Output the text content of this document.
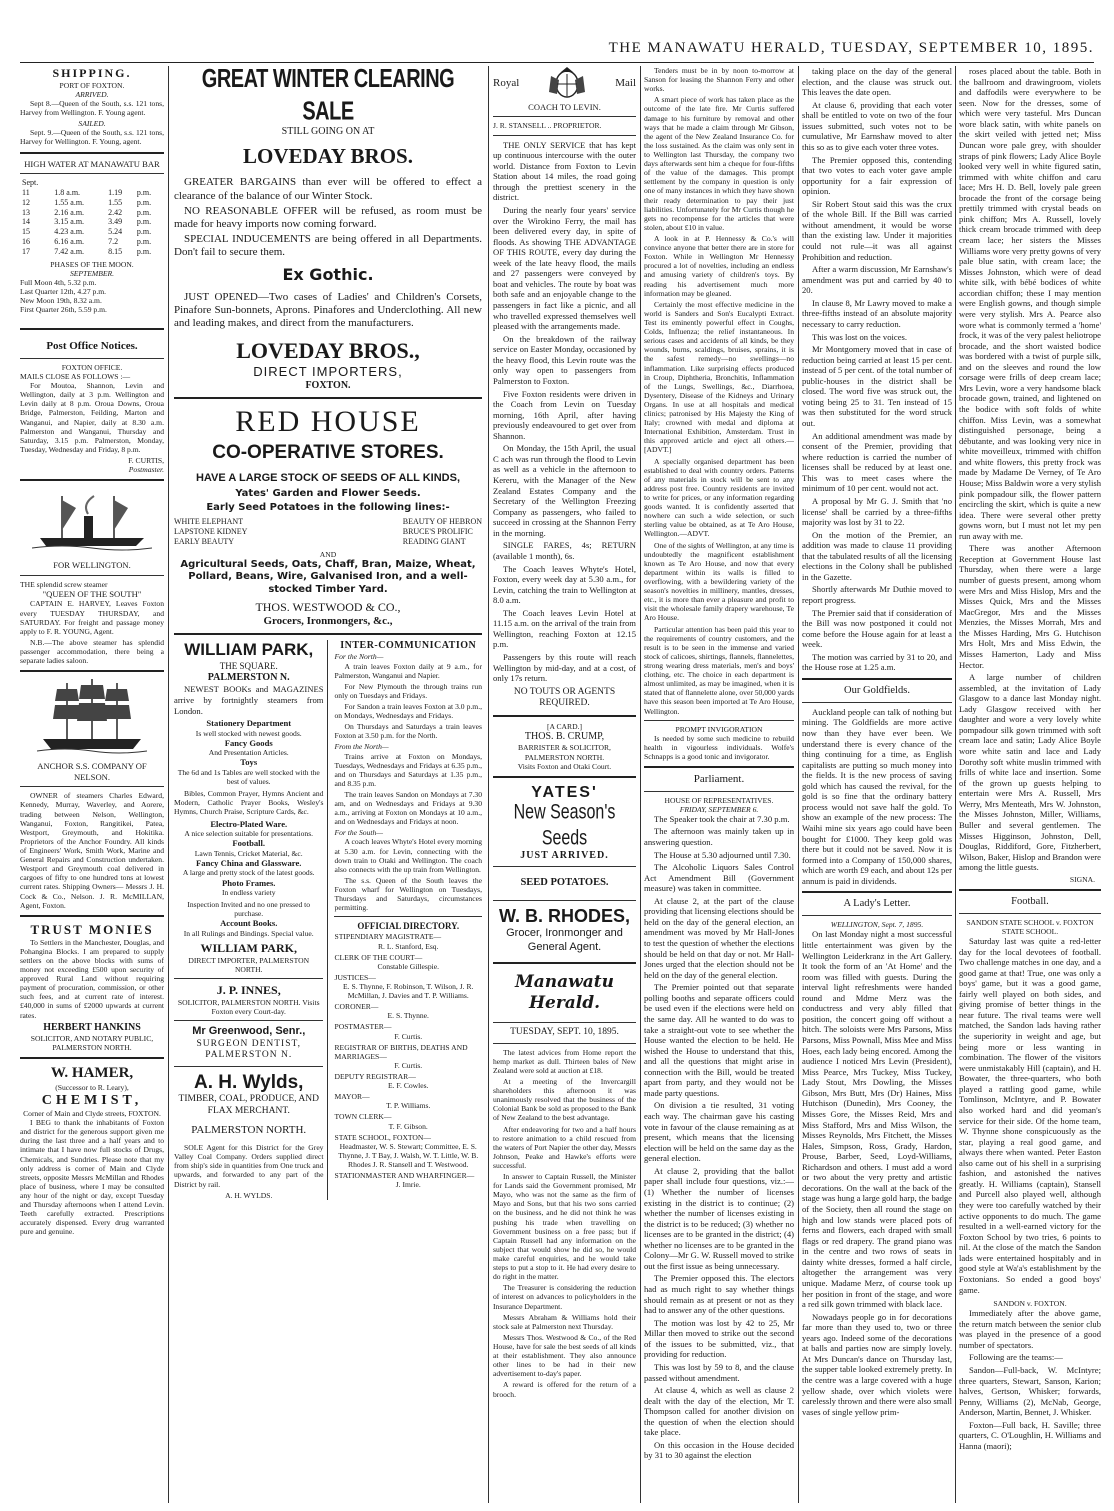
THE MANAWATU HERALD, TUESDAY, SEPTEMBER 10, 1895.
SHIPPING.
PORT OF FOXTON.
ARRIVED.
Sept 8.—Queen of the South, s.s. 121 tons, Harvey from Wellington. F. Young agent.
SAILED.
Sept. 9.—Queen of the South, s.s. 121 tons, Harvey for Wellington. F. Young, agent.
HIGH WATER AT MANAWATU BAR
Sept.			
11	1.8 a.m.	1.19	p.m.
12	1.55 a.m.	1.55	p.m.
13	2.16 a.m.	2.42	p.m.
14	3.15 a.m.	3.49	p.m.
15	4.23 a.m.	5.24	p.m.
16	6.16 a.m.	7.2	p.m.
17	7.42 a.m.	8.15	p.m.
PHASES OF THE MOON.
SEPTEMBER.
Full Moon 4th, 5.32 p.m.
Last Quarter 12th, 4.27 p.m.
New Moon 19th, 8.32 a.m.
First Quarter 26th, 5.59 p.m.
Post Office Notices.
FOXTON OFFICE.
MAILS CLOSE AS FOLLOWS :—
For Moutoa, Shannon, Levin and Wellington, daily at 3 p.m. Wellington and Levin daily at 8 p.m. Oroua Downs, Oroua Bridge, Palmerston, Feilding, Marton and Wanganui, and Napier, daily at 8.30 a.m. Palmerston and Wanganui, Thursday and Saturday, 3.15 p.m. Palmerston, Monday, Tuesday, Wednesday and Friday, 8 p.m.
F. CURTIS,
Postmaster.
FOR WELLINGTON.
THE splendid screw steamer
"QUEEN OF THE SOUTH"
CAPTAIN E. HARVEY, Leaves Foxton every TUESDAY THURSDAY, and SATURDAY. For freight and passage money apply to F. R. YOUNG, Agent.
N.B.—The above steamer has splendid passenger accommodation, there being a separate ladies saloon.
ANCHOR S.S. COMPANY OF NELSON.
OWNER of steamers Charles Edward, Kennedy, Murray, Waverley, and Aorere, trading between Nelson, Wellington, Wanganui, Foxton, Rangitikei, Patea, Westport, Greymouth, and Hokitika. Proprietors of the Anchor Foundry. All kinds of Engineers' Work, Smith Work, Marine and General Repairs and Construction undertaken. Westport and Greymouth coal delivered in cargoes of fifty to one hundred tons at lowest current rates. Shipping Owners— Messrs J. H. Cock & Co., Nelson. J. R. McMILLAN, Agent, Foxton.
TRUST MONIES
To Settlers in the Manchester, Douglas, and Pohangina Blocks. I am prepared to supply settlers on the above blocks with sums of money not exceeding £500 upon security of approved Rural Land without requiring payment of procuration, commission, or other such fees, and at current rate of interest. £40,000 in sums of £2000 upwards at current rates.
HERBERT HANKINS
SOLICITOR, AND NOTARY PUBLIC, PALMERSTON NORTH.
W. HAMER,
(Successor to R. Leary),
CHEMIST,
Corner of Main and Clyde streets, FOXTON.
I BEG to thank the inhabitants of Foxton and district for the generous support given me during the last three and a half years and to intimate that I have now full stocks of Drugs, Chemicals, and Sundries. Please note that my only address is corner of Main and Clyde streets, opposite Messrs McMillan and Rhodes place of business, where I may be consulted any hour of the night or day, except Tuesday and Thursday afternoons when I attend Levin. Teeth carefully extracted. Prescriptions accurately dispensed. Every drug warranted pure and genuine.
GREAT WINTER CLEARING SALE
STILL GOING ON AT
LOVEDAY BROS.
GREATER BARGAINS than ever will be offered to effect a clearance of the balance of our Winter Stock.
NO REASONABLE OFFER will be refused, as room must be made for heavy imports now coming forward.
SPECIAL INDUCEMENTS are being offered in all Departments. Don't fail to secure them.
Ex Gothic.
JUST OPENED—Two cases of Ladies' and Children's Corsets, Pinafore Sun-bonnets, Aprons. Pinafores and Underclothing. All new and leading makes, and direct from the manufacturers.
LOVEDAY BROS.,
DIRECT IMPORTERS,
FOXTON.
RED HOUSE
CO-OPERATIVE STORES.
HAVE A LARGE STOCK OF SEEDS OF ALL KINDS,
Yates' Garden and Flower Seeds.
Early Seed Potatoes in the following lines:-
WHITE ELEPHANT
LAPSTONE KIDNEY
EARLY BEAUTY
BEAUTY OF HEBRON
BRUCE'S PROLIFIC
READING GIANT
AND
Agricultural Seeds, Oats, Chaff, Bran, Maize, Wheat, Pollard, Beans, Wire, Galvanised Iron, and a well-stocked Timber Yard.
THOS. WESTWOOD & CO.,
Grocers, Ironmongers, &c.,
WILLIAM PARK,
THE SQUARE.
PALMERSTON N.
NEWEST BOOKs and MAGAZINES arrive by fortnightly steamers from London.
Stationery Department
Is well stocked with newest goods.
Fancy Goods
And Presentation Articles.
Toys
The 6d and 1s Tables are well stocked with the best of values.
Bibles, Common Prayer, Hymns Ancient and Modern, Catholic Prayer Books, Wesley's Hymns, Church Praise, Scripture Cards, &c.
Electro-Plated Ware.
A nice selection suitable for presentations.
Football.
Lawn Tennis, Cricket Material, &c.
Fancy China and Glassware.
A large and pretty stock of the latest goods.
Photo Frames.
In endless variety
Inspection Invited and no one pressed to purchase.
Account Books.
In all Rulings and Bindings. Special value.
WILLIAM PARK,
DIRECT IMPORTER, PALMERSTON NORTH.
J. P. INNES,
SOLICITOR, PALMERSTON NORTH. Visits Foxton every Court-day.
Mr Greenwood, Senr.,
SURGEON DENTIST, PALMERSTON N.
A. H. Wylds,
TIMBER, COAL, PRODUCE, AND FLAX MERCHANT.
PALMERSTON NORTH.
SOLE Agent for this District for the Grey Valley Coal Company. Orders supplied direct from ship's side in quantities from One truck and upwards, and forwarded to any part of the District by rail.
A. H. WYLDS.
INTER-COMMUNICATION
For the North—
A train leaves Foxton daily at 9 a.m., for Palmerston, Wanganui and Napier.
For New Plymouth the through trains run only on Tuesdays and Fridays.
For Sandon a train leaves Foxton at 3.0 p.m., on Mondays, Wednesdays and Fridays.
On Thursdays and Saturdays a train leaves Foxton at 3.50 p.m. for the North.
From the North—
Trains arrive at Foxton on Mondays, Tuesdays, Wednesdays and Fridays at 6.35 p.m., and on Thursdays and Saturdays at 1.35 p.m., and 8.35 p.m.
The train leaves Sandon on Mondays at 7.30 am, and on Wednesdays and Fridays at 9.30 a.m., arriving at Foxton on Mondays at 10 a.m., and on Wednesdays and Fridays at noon.
For the South—
A coach leaves Whyte's Hotel every morning at 5.30 a.m. for Levin, connecting with the down train to Otaki and Wellington. The coach also connects with the up train from Wellington.
The s.s. Queen of the South leaves the Foxton wharf for Wellington on Tuesdays, Thursdays and Saturdays, circumstances permitting.
OFFICIAL DIRECTORY.
STIPENDIARY MAGISTRATE—
R. L. Stanford, Esq.
CLERK OF THE COURT—
Constable Gillespie.
JUSTICES—
E. S. Thynne, F. Robinson, T. Wilson, J. R. McMillan, J. Davies and T. P. Williams.
CORONER—
E. S. Thynne.
POSTMASTER—
F. Curtis.
REGISTRAR OF BIRTHS, DEATHS AND MARRIAGES—
F. Curtis.
DEPUTY REGISTRAR—
E. F. Cowles.
MAYOR—
T. P. Williams.
TOWN CLERK—
T. F. Gibson.
STATE SCHOOL, FOXTON—
Headmaster, W. S. Stewart; Committee, E. S. Thynne, J. T Bay, J. Walsh, W. T. Little, W. B. Rhodes J. R. Stansell and T. Westwood.
STATIONMASTER AND WHARFINGER—
J. Imrie.
Royal	Mail
COACH TO LEVIN.
J. R. STANSELL .. PROPRIETOR.
THE ONLY SERVICE that has kept up continuous intercourse with the outer world. Distance from Foxton to Levin Station about 14 miles, the road going through the prettiest scenery in the district.
During the nearly four years' service over the Wirokino Ferry, the mail has been delivered every day, in spite of floods. As showing THE ADVANTAGE OF THIS ROUTE, every day during the week of the late heavy flood, the mails and 27 passengers were conveyed by boat and vehicles. The route by boat was both safe and an enjoyable change to the passengers in fact like a picnic, and all who travelled expressed themselves well pleased with the arrangements made.
On the breakdown of the railway service on Easter Monday, occasioned by the heavy flood, this Levin route was the only way open to passengers from Palmerston to Foxton.
Five Foxton residents were driven in the Coach from Levin on Tuesday morning, 16th April, after having previously endeavoured to get over from Shannon.
On Monday, the 15th April, the usual C ach was run through the flood to Levin as well as a vehicle in the afternoon to Kereru, with the Manager of the New Zealand Estates Company and the Secretary of the Wellington Freezing Company as passengers, who failed to succeed in crossing at the Shannon Ferry in the morning.
SINGLE FARES, 4s; RETURN (available 1 month), 6s.
The Coach leaves Whyte's Hotel, Foxton, every week day at 5.30 a.m., for Levin, catching the train to Wellington at 8.0 a.m.
The Coach leaves Levin Hotel at 11.15 a.m. on the arrival of the train from Wellington, reaching Foxton at 12.15 p.m.
Passengers by this route will reach Wellington by mid-day, and at a cost, of only 17s return.
NO TOUTS OR AGENTS REQUIRED.
[A CARD.]
THOS. B. CRUMP,
BARRISTER & SOLICITOR,
PALMERSTON NORTH.
Visits Foxton and Otaki Court.
YATES'
New Season's Seeds
JUST ARRIVED.
SEED POTATOES.
W. B. RHODES,
Grocer, Ironmonger and General Agent.
Manawatu Herald.
TUESDAY, SEPT. 10, 1895.
The latest advices from Home report the hemp market as dull. Thirteen bales of New Zealand were sold at auction at £18.
At a meeting of the Invercargill shareholders this afternoon it was unanimously resolved that the business of the Colonial Bank be sold as proposed to the Bank of New Zealand to the best advantage.
After endeavoring for two and a half hours to restore animation to a child rescued from the waters of Port Napier the other day, Messrs Johnson, Peake and Hawke's efforts were successful.
In answer to Captain Russell, the Minister for Lands said the Government promised, Mr Mayo, who was not the same as the firm of Mayo and Sons, but that his two sons carried on the business, and he did not think he was pushing his trade when travelling on Government business on a free pass; but if Captain Russell had any information on the subject that would show he did so, he would make careful enquiries, and he would take steps to put a stop to it. He had every desire to do right in the matter.
The Treasurer is considering the reduction of interest on advances to policyholders in the Insurance Department.
Messrs Abraham & Williams hold their stock sale at Palmerston next Thursday.
Messrs Thos. Westwood & Co., of the Red House, have for sale the best seeds of all kinds at their establishment. They also announce other lines to be had in their new advertisement to-day's paper.
A reward is offered for the return of a brooch.
Tenders must be in by noon to-morrow at Sanson for leasing the Shannon Ferry and other works.
A smart piece of work has taken place as the outcome of the late fire. Mr Curtis suffered damage to his furniture by removal and other ways that he made a claim through Mr Gibson, the agent of the New Zealand Insurance Co. for the loss sustained. As the claim was only sent in to Wellington last Thursday, the company two days afterwards sent him a cheque for four-fifths of the value of the damages. This prompt settlement by the company in question is only one of many instances in which they have shown their ready determination to pay their just liabilities. Unfortunately for Mr Curtis though he gets no recompense for the articles that were stolen, about £10 in value.
A look in at P. Hennessy & Co.'s will convince anyone that better there are in store for Foxton. While in Wellington Mr Hennessy procured a lot of novelties, including an endless and amusing variety of children's toys. By reading his advertisement much more information may be gleaned.
Certainly the most effective medicine in the world is Sanders and Son's Eucalypti Extract. Test its eminently powerful effect in Coughs, Colds, Influenza; the relief instantaneous. In serious cases and accidents of all kinds, be they wounds, burns, scaldings, bruises, sprains, it is the safest remedy—no swellings—no inflammation. Like surprising effects produced in Croup, Diphtheria, Bronchitis, Inflammation of the Lungs, Swellings, &c., Diarrhoea, Dysentery, Disease of the Kidneys and Urinary Organs. In use at all hospitals and medical clinics; patronised by His Majesty the King of Italy; crowned with medal and diploma at International Exhibition, Amsterdam. Trust in this approved article and eject all others.—[ADVT.]
A specially organised department has been established to deal with country orders. Patterns of any materials in stock will be sent to any address post free. Country residents are invited to write for prices, or any information regarding goods wanted. It is confidently asserted that nowhere can such a wide selection, or such sterling value be obtained, as at Te Aro House, Wellington.—ADVT.
One of the sights of Wellington, at any time is undoubtedly the magnificent establishment known as Te Aro House, and now that every department within its walls is filled to overflowing, with a bewildering variety of the season's novelties in millinery, mantles, dresses, etc., it is more than ever a pleasure and profit to visit the wholesale family drapery warehouse, Te Aro House.
Particular attention has been paid this year to the requirements of country customers, and the result is to be seen in the immense and varied stock of calicoes, shirtings, flannels, flannelettes, strong wearing dress materials, men's and boys' clothing, etc. The choice in each department is almost unlimited, as may be imagined, when it is stated that of flannelette alone, over 50,000 yards have this season been imported at Te Aro House, Wellington.
PROMPT INVIGORATION
Is needed by some such medicine to rebuild health in vigourless individuals. Wolfe's Schnapps is a good tonic and invigorator.
Parliament.
HOUSE OF REPRESENTATIVES.
FRIDAY, SEPTEMBER 6.
The Speaker took the chair at 7.30 p.m.
The afternoon was mainly taken up in answering question.
The House at 5.30 adjourned until 7.30.
The Alcoholic Liquors Sales Control Act Amendment Bill (Government measure) was taken in committee.
At clause 2, at the part of the clause providing that licensing elections should be held on the day of the general election, an amendment was moved by Mr Hall-Jones to test the question of whether the elections should be held on that day or not. Mr Hall-Jones urged that the election should not be held on the day of the general election.
The Premier pointed out that separate polling booths and separate officers could be used even if the elections were held on the same day. All he wanted to do was to take a straight-out vote to see whether the House wanted the election to be held. He wished the House to understand that this, and all the questions that might arise in connection with the Bill, would be treated apart from party, and they would not be made party questions.
On division a tie resulted, 31 voting each way. The chairman gave his casting vote in favour of the clause remaining as at present, which means that the licensing election will be held on the same day as the general election.
At clause 2, providing that the ballot paper shall include four questions, viz.:—(1) Whether the number of licenses existing in the district is to continue; (2) whether the number of licenses existing in the district is to be reduced; (3) whether no licenses are to be granted in the district; (4) whether no licenses are to be granted in the Colony—Mr G. W. Russell moved to strike out the first issue as being unnecessary.
The Premier opposed this. The electors had as much right to say whether things should remain as at present or not as they had to answer any of the other questions.
The motion was lost by 42 to 25, Mr Millar then moved to strike out the second of the issues to be submitted, viz., that providing for reduction.
This was lost by 59 to 8, and the clause passed without amendment.
At clause 4, which as well as clause 2 dealt with the day of the election, Mr T. Thompson called for another division on the question of when the election should take place.
On this occasion in the House decided by 31 to 30 against the election
taking place on the day of the general election, and the clause was struck out. This leaves the date open.
At clause 6, providing that each voter shall be entitled to vote on two of the four issues submitted, such votes not to be cumulative, Mr Earnshaw moved to alter this so as to give each voter three votes.
The Premier opposed this, contending that two votes to each voter gave ample opportunity for a fair expression of opinion.
Sir Robert Stout said this was the crux of the whole Bill. If the Bill was carried without amendment, it would be worse than the existing law. Under it majorities could not rule—it was all against Prohibition and reduction.
After a warm discussion, Mr Earnshaw's amendment was put and carried by 40 to 20.
In clause 8, Mr Lawry moved to make a three-fifths instead of an absolute majority necessary to carry reduction.
This was lost on the voices.
Mr Montgomery moved that in case of reduction being carried at least 15 per cent. instead of 5 per cent. of the total number of public-houses in the district shall be closed. The word five was struck out, the voting being 25 to 31. Ten instead of 15 was then substituted for the word struck out.
An additional amendment was made by consent of the Premier, providing that where reduction is carried the number of licenses shall be reduced by at least one. This was to meet cases where the minimum of 10 per cent. would not act.
A proposal by Mr G. J. Smith that 'no license' shall be carried by a three-fifths majority was lost by 31 to 22.
On the motion of the Premier, an addition was made to clause 11 providing that the tabulated results of all the licensing elections in the Colony shall be published in the Gazette.
Shortly afterwards Mr Duthie moved to report progress.
The Premier said that if consideration of the Bill was now postponed it could not come before the House again for at least a week.
The motion was carried by 31 to 20, and the House rose at 1.25 a.m.
Our Goldfields.
Auckland people can talk of nothing but mining. The Goldfields are more active now than they have ever been. We understand there is every chance of the thing continuing for a time, as English capitalists are putting so much money into the fields. It is the new process of saving gold which has caused the revival, for the gold is so fine that the ordinary battery process would not save half the gold. To show an example of the new process: The Waihi mine six years ago could have been bought for £1000. They keep gold was there but it could not be saved. Now it is formed into a Company of 150,000 shares, which are worth £9 each, and about 12s per annum is paid in dividends.
A Lady's Letter.
WELLINGTON, Sept. 7, 1895.
On last Monday night a most successful little entertainment was given by the Wellington Leiderkranz in the Art Gallery. It took the form of an 'At Home' and the room was filled with guests. During the interval light refreshments were handed round and Mdme Merz was the conductress and very ably filled that position, the concert going off without a hitch. The soloists were Mrs Parsons, Miss Parsons, Miss Pownall, Miss Mee and Miss Hoes, each lady being encored. Among the audience I noticed Mrs Levin (President), Miss Pearce, Mrs Tuckey, Miss Tuckey, Lady Stout, Mrs Dowling, the Misses Gibson, Mrs Butt, Mrs (Dr) Haines, Miss Hutchison (Dunedin), Mrs Cooney, the Misses Gore, the Misses Reid, Mrs and Miss Stafford, Mrs and Miss Wilson, the Misses Reynolds, Mrs Fitchett, the Misses Hales, Simpson, Ross, Grady, Hardon, Prouse, Barber, Seed, Loyd-Williams, Richardson and others. I must add a word or two about the very pretty and artistic decorations. On the wall at the back of the stage was hung a large gold harp, the badge of the Society, then all round the stage on high and low stands were placed pots of ferns and flowers, each draped with small flags or red drapery. The grand piano was in the centre and two rows of seats in dainty white dresses, formed a half circle, altogether the arrangement was very unique. Madame Merz, of course took up her position in front of the stage, and wore a red silk gown trimmed with black lace.
Nowadays people go in for decorations far more than they used to, two or three years ago. Indeed some of the decorations at balls and parties now are simply lovely. At Mrs Duncan's dance on Thursday last, the supper table looked extremely pretty. In the centre was a large covered with a huge yellow shade, over which violets were carelessly thrown and there were also small vases of single yellow prim-
roses placed about the table. Both in the ballroom and drawingroom, violets and daffodils were everywhere to be seen. Now for the dresses, some of which were very tasteful. Mrs Duncan wore black satin, with white panels on the skirt veiled with jetted net; Miss Duncan wore pale grey, with shoulder straps of pink flowers; Lady Alice Boyle looked very well in white figured satin, trimmed with white chiffon and caru lace; Mrs H. D. Bell, lovely pale green brocade the front of the corsage being prettily trimmed with crystal beads on pink chiffon; Mrs A. Russell, lovely thick cream brocade trimmed with deep cream lace; her sisters the Misses Williams wore very pretty gowns of very pale blue satin, with cream lace; the Misses Johnston, which were of dead white silk, with bébé bodices of white accordian chiffon; these I may mention were English gowns, and though simple were very stylish. Mrs A. Pearce also wore what is commonly termed a 'home' frock, it was of the very palest heliotrope brocade, and the short waisted bodice was bordered with a twist of purple silk, and on the sleeves and round the low corsage were frills of deep cream lace; Mrs Levin, wore a very handsome black brocade gown, trained, and lightened on the bodice with soft folds of white chiffon. Miss Levin, was a somewhat distinguished personage, being a débutante, and was looking very nice in white moveilleux, trimmed with chiffon and white flowers, this pretty frock was made by Madame De Verney, of Te Aro House; Miss Baldwin wore a very stylish pink pompadour silk, the flower pattern encircling the skirt, which is quite a new idea. There were several other pretty gowns worn, but I must not let my pen run away with me.
There was another Afternoon Reception at Government House last Thursday, when there were a large number of guests present, among whom were Mrs and Miss Hislop, Mrs and the Misses Quick, Mrs and the Misses MacGregor, Mrs and the Misses Menzies, the Misses Morrah, Mrs and the Misses Harding, Mrs G. Hutchison Mrs Holt, Mrs and Miss Edwin, the Misses Hamerton, Lady and Miss Hector.
A large number of children assembled, at the invitation of Lady Glasgow to a dance last Monday night. Lady Glasgow received with her daughter and wore a very lovely white pompadour silk gown trimmed with soft cream lace and satin; Lady Alice Boyle wore white satin and lace and Lady Dorothy soft white muslin trimmed with frills of white lace and insertion. Some of the grown up guests helping to entertain were Mrs A. Russell, Mrs Werry, Mrs Menteath, Mrs W. Johnston, the Misses Johnston, Miller, Williams, Buller and several gentlemen. The Misses Higginson, Johnston, Dell, Douglas, Riddiford, Gore, Fitzherbert, Wilson, Baker, Hislop and Brandon were among the little guests.
SIGNA.
Football.
SANDON STATE SCHOOL v. FOXTON STATE SCHOOL.
Saturday last was quite a red-letter day for the local devotees of football. Two challenge matches in one day, and a good game at that! True, one was only a boys' game, but it was a good game, fairly well played on both sides, and giving promise of better things in the near future. The rival teams were well matched, the Sandon lads having rather the superiority in weight and age, but being more or less wanting in combination. The flower of the visitors were unmistakably Hill (captain), and H. Bowater, the three-quarters, who both played a rattling good game, while Tomlinson, McIntyre, and P. Bowater also worked hard and did yeoman's service for their side. Of the home team, W. Thynne shone conspicuously as the star, playing a real good game, and always there when wanted. Peter Easton also came out of his shell in a surprising fashion, and astonished the natives greatly. H. Williams (captain), Stansell and Purcell also played well, although they were too carefully watched by their active opponents to do much. The game resulted in a well-earned victory for the Foxton School by two tries, 6 points to nil. At the close of the match the Sandon lads were entertained hospitably and in good style at Wa'a's establishment by the Foxtonians. So ended a good boys' game.
SANDON v. FOXTON.
Immediately after the above game, the return match between the senior club was played in the presence of a good number of spectators.
Following are the teams:—
Sandon—Full-back, W. McIntyre; three quarters, Stewart, Sanson, Karion; halves, Gertson, Whisker; forwards, Penny, Williams (2), McNab, George, Anderson, Martin, Bennet, J. Whisker.
Foxton—Full back, H. Saville; three quarters, C. O'Loughlin, H. Williams and Hanna (maori);
